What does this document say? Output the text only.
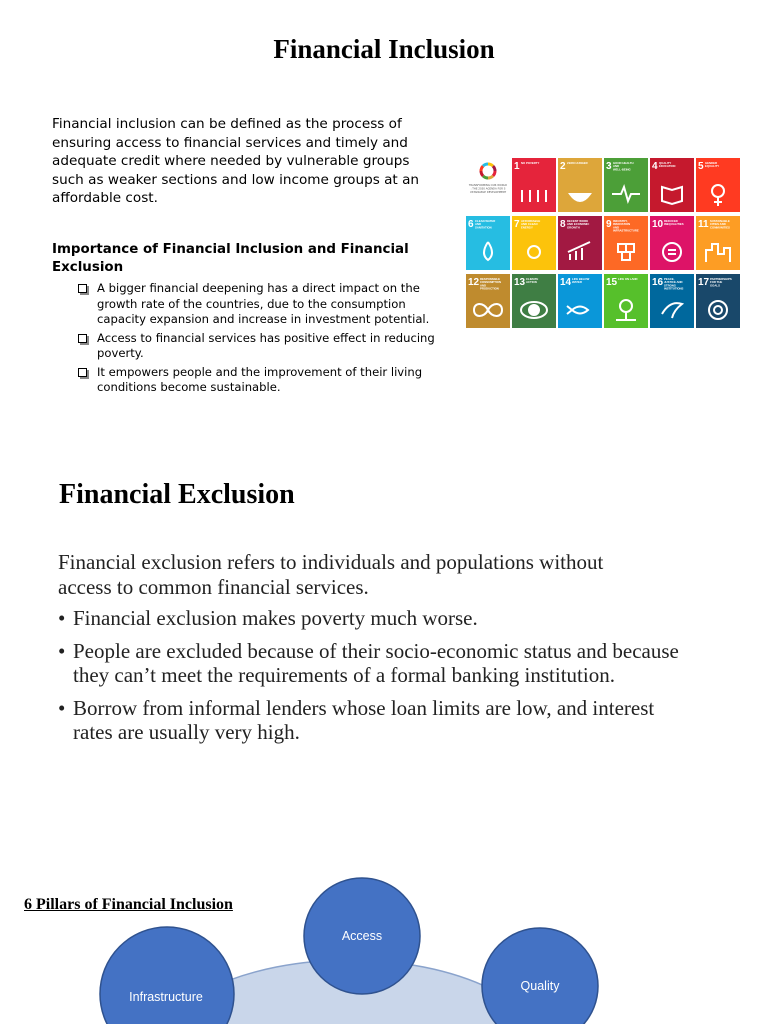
Financial Inclusion
Financial inclusion can be defined as the process of ensuring access to financial services and timely and adequate credit where needed by vulnerable groups such as weaker sections and low income groups at an affordable cost.
Importance of Financial Inclusion and Financial Exclusion
A bigger financial deepening has a direct impact on the growth rate of the countries, due to the consumption capacity expansion and increase in investment potential.
Access to financial services has positive effect in reducing poverty.
It empowers people and the improvement of their living conditions become sustainable.
TRANSFORMING OUR WORLD : THE 2030 AGENDA FOR S USTAINABLE DEVELOPMENT
1 NO POVERTY 2 ZERO HUNGER 3 GOOD HEALTH AND WELL-BEING 4 QUALITY EDUCATION 5 GENDER EQUALITY
6 CLEAN WATER AND SANITATION	7 AFFORDABLE AND CLEAN ENERGY	8 DECENT WORK AND ECONOMIC GROWTH	9 INDUSTRY, INNOVATION AND INFRASTRUCTURE
10 REDUCED INEQUALITIES 11 SUSTAINABLE CITIES AND COMMUNITIES
12 RESPONSIBLE CONSUMPTION AND PRODUCTION
13 CLIMATE ACTION 14 LIFE BELOW WATER	15 LIFE ON LAND 16 PEACE, JUSTICE AND STRONG INSTITUTIONS
17 PARTNERSHIPS FOR THE GOALS
Financial Exclusion
Financial exclusion refers to individuals and populations without access to common financial services.
• Financial exclusion makes poverty much worse.
• People are excluded because of their socio-economic status and because they can’t meet the requirements of a formal banking institution.
• Borrow from informal lenders whose loan limits are low, and interest rates are usually very high.
Access
Infrastructure
Quality
6 Pillars of Financial Inclusion
